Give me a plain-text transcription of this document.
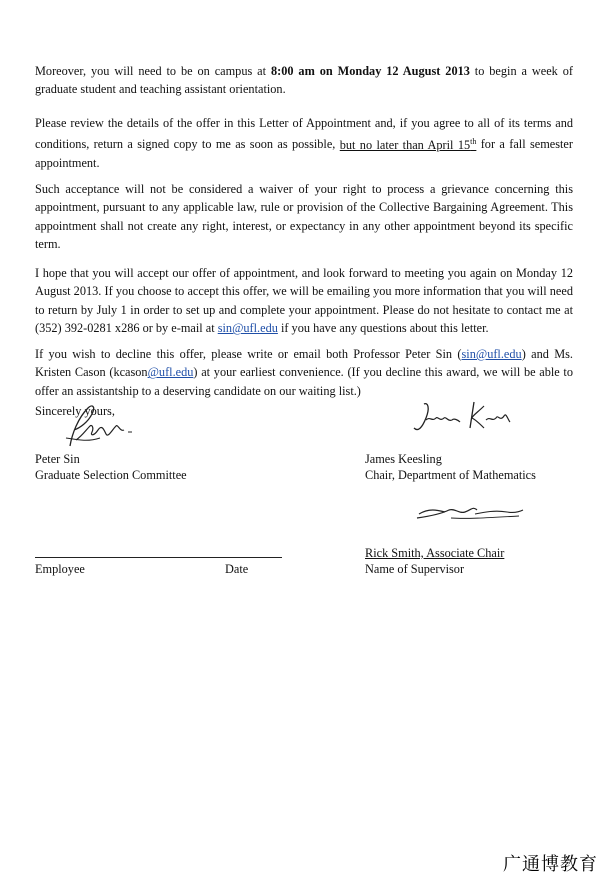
Moreover, you will need to be on campus at 8:00 am on Monday 12 August 2013 to begin a week of graduate student and teaching assistant orientation.

Please review the details of the offer in this Letter of Appointment and, if you agree to all of its terms and conditions, return a signed copy to me as soon as possible, but no later than April 15th for a fall semester appointment.

Such acceptance will not be considered a waiver of your right to process a grievance concerning this appointment, pursuant to any applicable law, rule or provision of the Collective Bargaining Agreement. This appointment shall not create any right, interest, or expectancy in any other appointment beyond its specific term.

I hope that you will accept our offer of appointment, and look forward to meeting you again on Monday 12 August 2013. If you choose to accept this offer, we will be emailing you more information that you will need to return by July 1 in order to set up and complete your appointment. Please do not hesitate to contact me at (352) 392-0281 x286 or by e-mail at sin@ufl.edu if you have any questions about this letter.

If you wish to decline this offer, please write or email both Professor Peter Sin (sin@ufl.edu) and Ms. Kristen Cason (kcason@ufl.edu) at your earliest convenience. (If you decline this award, we will be able to offer an assistantship to a deserving candidate on our waiting list.)

Sincerely yours,
Peter Sin
Graduate Selection Committee
James Keesling
Chair, Department of Mathematics
Employee	Date
Rick Smith, Associate Chair
Name of Supervisor
广通博教育
